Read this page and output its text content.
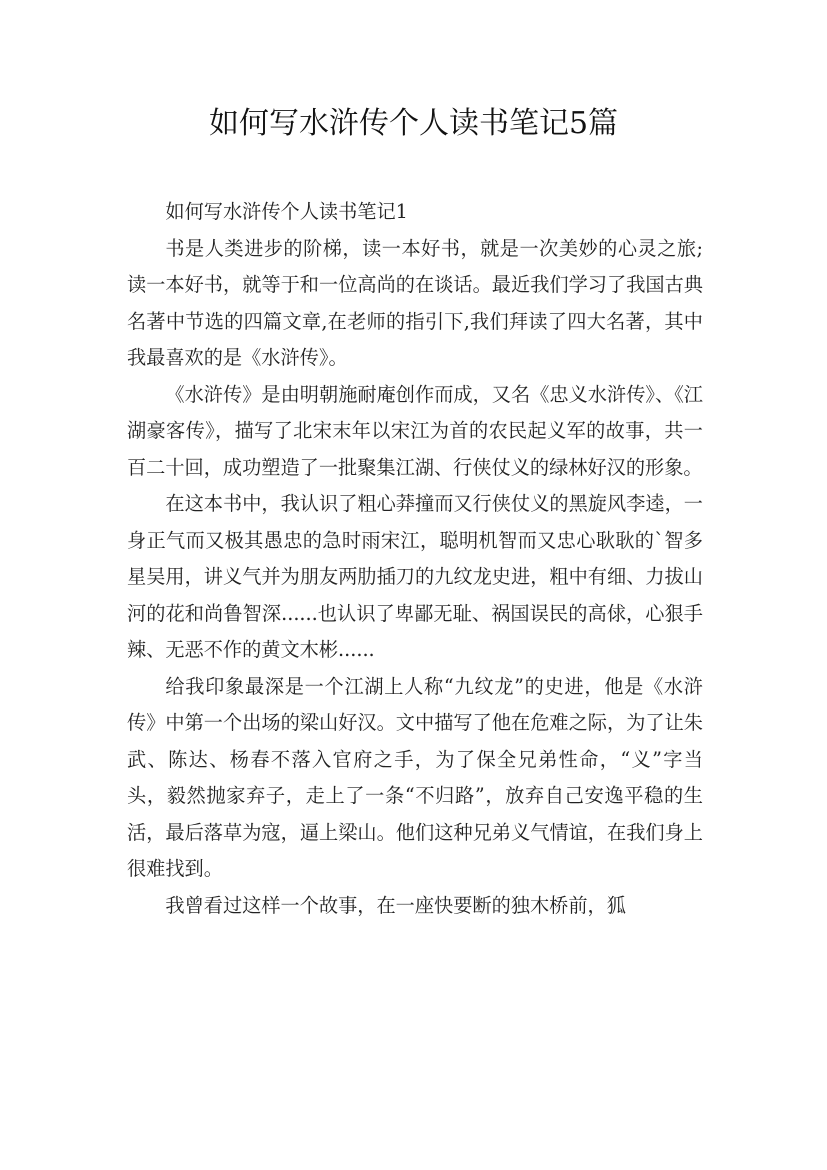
如何写水浒传个人读书笔记5篇

如何写水浒传个人读书笔记1

书是人类进步的阶梯，读一本好书，就是一次美妙的心灵之旅;读一本好书，就等于和一位高尚的在谈话。最近我们学习了我国古典名著中节选的四篇文章,在老师的指引下,我们拜读了四大名著，其中我最喜欢的是《水浒传》。

《水浒传》是由明朝施耐庵创作而成，又名《忠义水浒传》、《江湖豪客传》，描写了北宋末年以宋江为首的农民起义军的故事，共一百二十回，成功塑造了一批聚集江湖、行侠仗义的绿林好汉的形象。

在这本书中，我认识了粗心莽撞而又行侠仗义的黑旋风李逵，一身正气而又极其愚忠的急时雨宋江，聪明机智而又忠心耿耿的`智多星吴用，讲义气并为朋友两肋插刀的九纹龙史进，粗中有细、力拔山河的花和尚鲁智深......也认识了卑鄙无耻、祸国误民的高俅，心狠手辣、无恶不作的黄文木彬......

给我印象最深是一个江湖上人称“九纹龙”的史进，他是《水浒传》中第一个出场的梁山好汉。文中描写了他在危难之际，为了让朱武、陈达、杨春不落入官府之手，为了保全兄弟性命，“义”字当头，毅然抛家弃子，走上了一条“不归路”，放弃自己安逸平稳的生活，最后落草为寇，逼上梁山。他们这种兄弟义气情谊，在我们身上很难找到。

我曾看过这样一个故事，在一座快要断的独木桥前，狐
